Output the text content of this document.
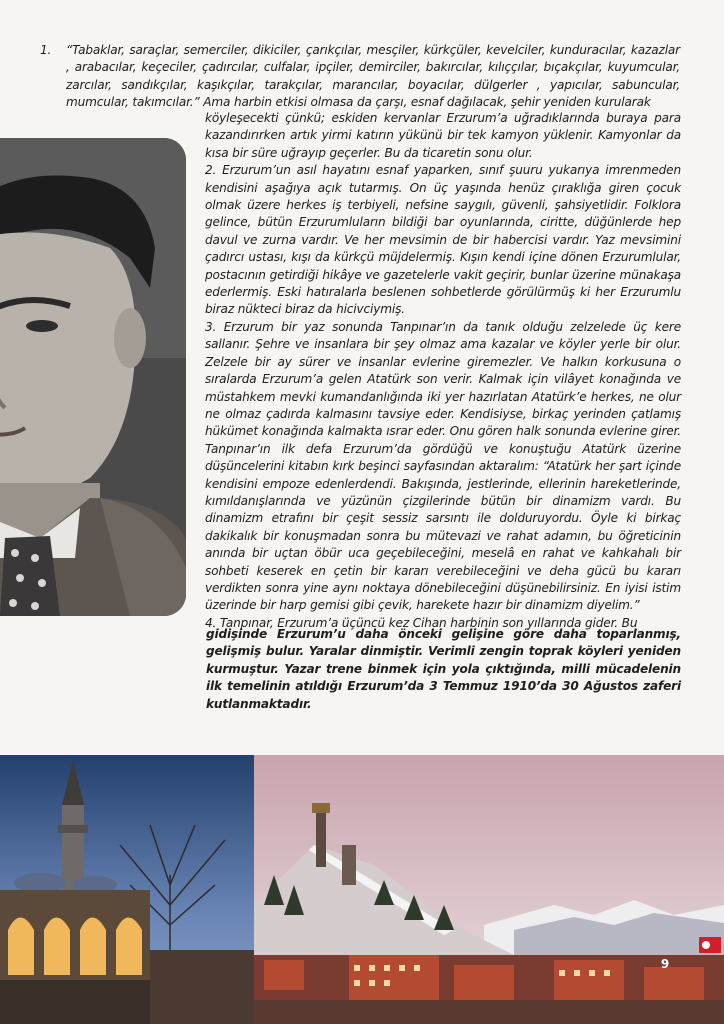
1.	“Tabaklar, saraçlar, semerciler, dikiciler, çarıkçılar, mesçiler, kürkçüler, kevelciler, kunduracılar, kazazlar , arabacılar, keçeciler, çadırcılar, culfalar, ipçiler, demirciler, bakırcılar, kılıççılar, bıçakçılar, kuyumcular, zarcılar, sandıkçılar, kaşıkçılar, tarakçılar, marancılar, boyacılar, dülgerler , yapıcılar, sabuncular, mumcular, takımcılar.” Ama harbin etkisi olmasa da çarşı, esnaf dağılacak, şehir yeniden kurularak

köyleşecekti çünkü; eskiden kervanlar Erzurum’a uğradıklarında buraya para kazandırırken artık yirmi katırın yükünü bir tek kamyon yüklenir. Kamyonlar da kısa bir süre uğrayıp geçerler. Bu da ticaretin sonu olur.

2. Erzurum’un asıl hayatını esnaf yaparken, sınıf şuuru yukarıya imrenmeden kendisini aşağıya açık tutarmış. On üç yaşında henüz çıraklığa giren çocuk olmak üzere herkes iş terbiyeli, nefsine saygılı, güvenli, şahsiyetlidir. Folklora gelince, bütün Erzurumluların bildiği bar oyunlarında, ciritte, düğünlerde hep davul ve zurna vardır. Ve her mevsimin de bir habercisi vardır. Yaz mevsimini çadırcı ustası, kışı da kürkçü müjdelermiş. Kışın kendi içine dönen Erzurumlular, postacının getirdiği hikâye ve gazetelerle vakit geçirir, bunlar üzerine münakaşa ederlermiş. Eski hatıralarla beslenen sohbetlerde görülürmüş ki her Erzurumlu biraz nükteci biraz da hicivciymiş.

3. Erzurum bir yaz sonunda Tanpınar’ın da tanık olduğu zelzelede üç kere sallanır. Şehre ve insanlara bir şey olmaz ama kazalar ve köyler yerle bir olur. Zelzele bir ay sürer ve insanlar evlerine giremezler. Ve halkın korkusuna o sıralarda Erzurum’a gelen Atatürk son verir. Kalmak için vilâyet konağında ve müstahkem mevki kumandanlığında iki yer hazırlatan Atatürk’e herkes, ne olur ne olmaz çadırda kalmasını tavsiye eder. Kendisiyse, birkaç yerinden çatlamış hükümet konağında kalmakta ısrar eder. Onu gören halk sonunda evlerine girer. Tanpınar’ın ilk defa Erzurum’da gördüğü ve konuştuğu Atatürk üzerine düşüncelerini kitabın kırk beşinci sayfasından aktaralım: “Atatürk her şart içinde kendisini empoze edenlerdendi. Bakışında, jestlerinde, ellerinin hareketlerinde, kımıldanışlarında ve yüzünün çizgilerinde bütün bir dinamizm vardı. Bu dinamizm etrafını bir çeşit sessiz sarsıntı ile dolduruyordu. Öyle ki birkaç dakikalık bir konuşmadan sonra bu mütevazi ve rahat adamın, bu öğreticinin anında bir uçtan öbür uca geçebileceğini, meselâ en rahat ve kahkahalı bir sohbeti keserek en çetin bir kararı verebileceğini ve deha gücü bu kararı verdikten sonra yine aynı noktaya dönebileceğini düşünebilirsiniz. En iyisi istim üzerinde bir harp gemisi gibi çevik, harekete hazır bir dinamizm diyelim.”

4. Tanpınar, Erzurum’a üçüncü kez Cihan harbinin son yıllarında gider. Bu

gidişinde Erzurum’u daha önceki gelişine göre daha toparlanmış, gelişmiş bulur. Yaralar dinmiştir. Verimli zengin toprak köyleri yeniden kurmuştur. Yazar trene binmek için yola çıktığında, milli mücadelenin ilk temelinin atıldığı Erzurum’da 3 Temmuz 1910’da 30 Ağustos zaferi kutlanmaktadır.

9
